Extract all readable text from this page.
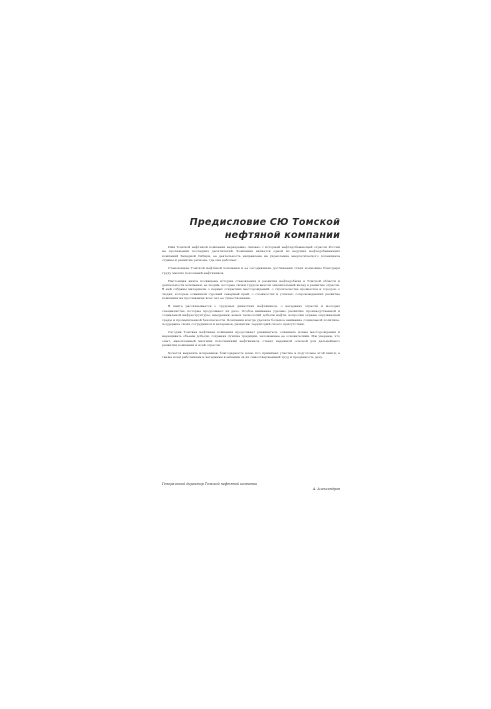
Предисловие СЮ Томской
нефтяной компании

Имя Томской нефтяной компании неразрывно связано с историей нефтедобывающей отрасли России на протяжении последних десятилетий. Компания является одной из ведущих нефтедобывающих компаний Западной Сибири, ее деятельность направлена на укрепление энергетического потенциала страны и развитие региона, где она работает.

Становление Томской нефтяной компании и ее сегодняшние достижения стали возможны благодаря труду многих поколений нефтяников.

Настоящая книга посвящена истории становления и развития нефтедобычи в Томской области и деятельности компании, ее людям, которые своим трудом внесли значительный вклад в развитие отрасли. В ней собраны материалы о первых открытиях месторождений, о строительстве промыслов и городов, о людях, которые осваивали суровый северный край, о сложностях и успехах, сопровождавших развитие компании на протяжении всех лет ее существования.

В книге рассказывается о трудовых династиях нефтяников, о ветеранах отрасли и молодых специалистах, которые продолжают их дело. Особое внимание уделено развитию производственной и социальной инфраструктуры, внедрению новых технологий добычи нефти, вопросам охраны окружающей среды и промышленной безопасности. Компания всегда уделяла большое внимание социальной политике, поддержке своих сотрудников и ветеранов, развитию территорий своего присутствия.

Сегодня Томская нефтяная компания продолжает развиваться, осваивать новые месторождения и наращивать объемы добычи, сохраняя лучшие традиции, заложенные ее основателями. Мы уверены, что опыт, накопленный многими поколениями нефтяников, станет надежной основой для дальнейшего развития компании и всей отрасли.

Хочется выразить искреннюю благодарность всем, кто принимал участие в подготовке этой книги, а также всем работникам и ветеранам компании за их самоотверженный труд и преданность делу.

Генеральный директор Томской нефтяной компании
А. Александров
